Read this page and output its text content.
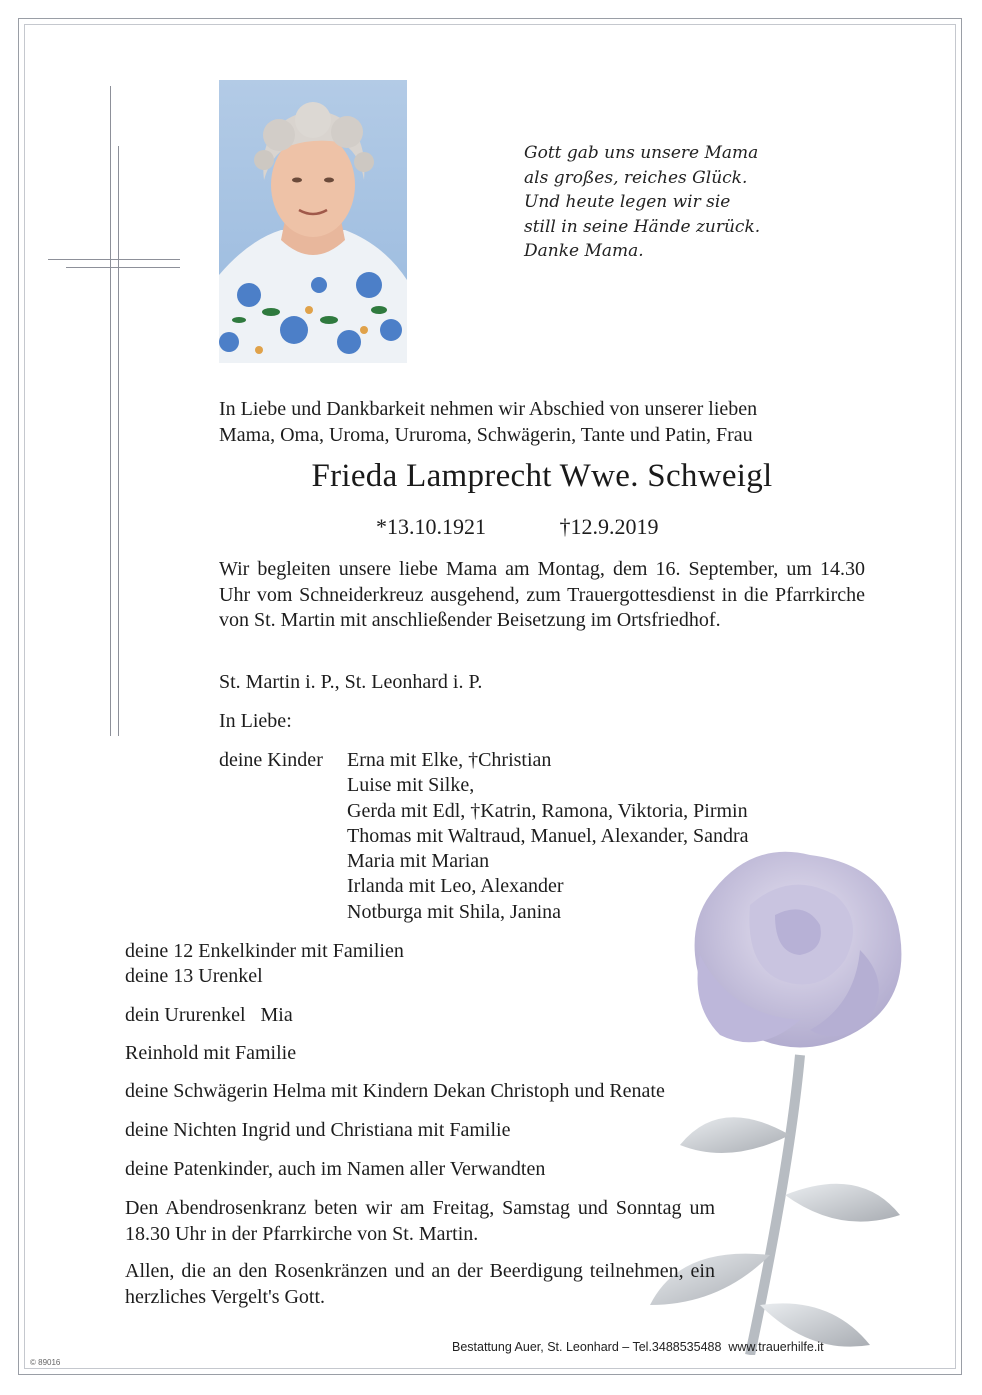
Gott gab uns unsere Mama
als großes, reiches Glück.
Und heute legen wir sie
still in seine Hände zurück.
Danke Mama.
In Liebe und Dankbarkeit nehmen wir Abschied von unserer lieben
Mama, Oma, Uroma, Ururoma, Schwägerin, Tante und Patin, Frau
Frieda Lamprecht Wwe. Schweigl
*13.10.1921	†12.9.2019
Wir begleiten unsere liebe Mama am Montag, dem 16. September, um 14.30 Uhr vom Schneiderkreuz ausgehend, zum Trauergottesdienst in die Pfarrkirche von St. Martin mit anschließender Beisetzung im Ortsfriedhof.
St. Martin i. P., St. Leonhard i. P.
In Liebe:
deine Kinder Erna mit Elke, †Christian
Luise mit Silke,
Gerda mit Edl, †Katrin, Ramona, Viktoria, Pirmin
Thomas mit Waltraud, Manuel, Alexander, Sandra
Maria mit Marian
Irlanda mit Leo, Alexander
Notburga mit Shila, Janina
deine 12 Enkelkinder mit Familien
deine 13 Urenkel
dein Ururenkel   Mia
Reinhold mit Familie
deine Schwägerin Helma mit Kindern Dekan Christoph und Renate
deine Nichten Ingrid und Christiana mit Familie
deine Patenkinder, auch im Namen aller Verwandten
Den Abendrosenkranz beten wir am Freitag, Samstag und Sonntag um 18.30 Uhr in der Pfarrkirche von St. Martin.
Allen, die an den Rosenkränzen und an der Beerdigung teilnehmen, ein herzliches Vergelt's Gott.
Bestattung Auer, St. Leonhard – Tel.3488535488  www.trauerhilfe.it
© 89016
